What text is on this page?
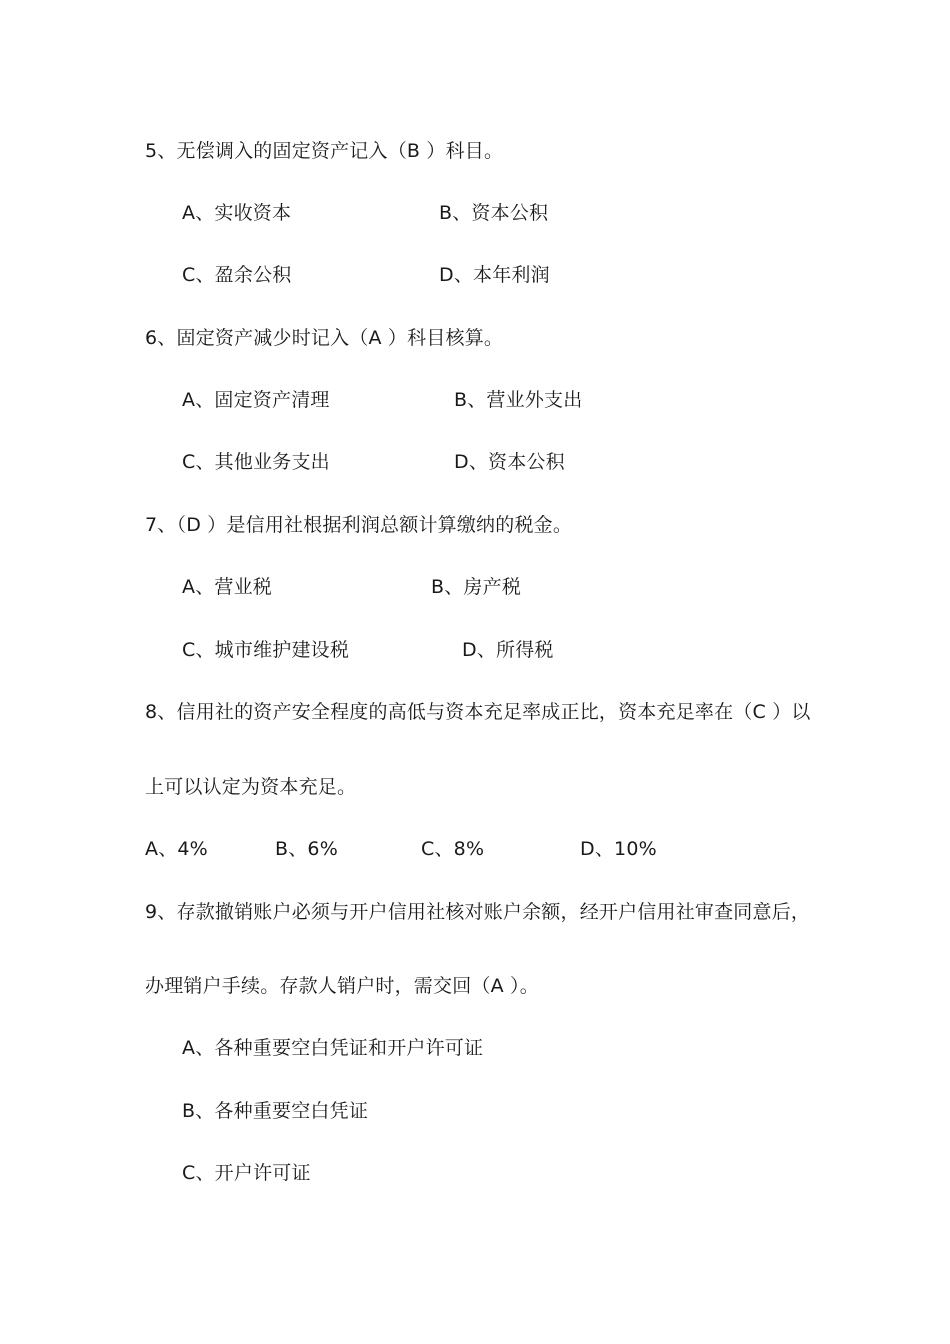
5、无偿调入的固定资产记入（B ）科目。
A、实收资本	B、资本公积
C、盈余公积	D、本年利润
6、固定资产减少时记入（A ）科目核算。
A、固定资产清理	B、营业外支出
C、其他业务支出	D、资本公积
7、（D ）是信用社根据利润总额计算缴纳的税金。
A、营业税	B、房产税
C、城市维护建设税	D、所得税
8、信用社的资产安全程度的高低与资本充足率成正比，资本充足率在（C ）以
上可以认定为资本充足。
A、4%	B、6%	C、8%	D、10%
9、存款撤销账户必须与开户信用社核对账户余额，经开户信用社审查同意后，
办理销户手续。存款人销户时，需交回（A ）。
A、各种重要空白凭证和开户许可证
B、各种重要空白凭证
C、开户许可证
